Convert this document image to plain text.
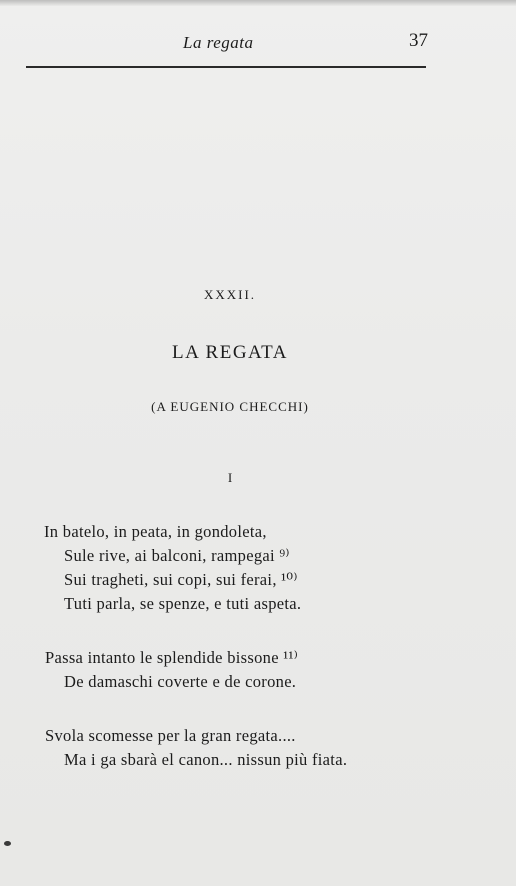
La regata	37
XXXII.
LA REGATA
(A EUGENIO CHECCHI)
I
In batelo, in peata, in gondoleta,
Sule rive, ai balconi, rampegai ⁹⁾
Sui tragheti, sui copi, sui ferai, ¹⁰⁾
Tuti parla, se spenze, e tuti aspeta.
Passa intanto le splendide bissone ¹¹⁾
De damaschi coverte e de corone.
Svola scomesse per la gran regata....
Ma i ga sbarà el canon... nissun più fiata.
